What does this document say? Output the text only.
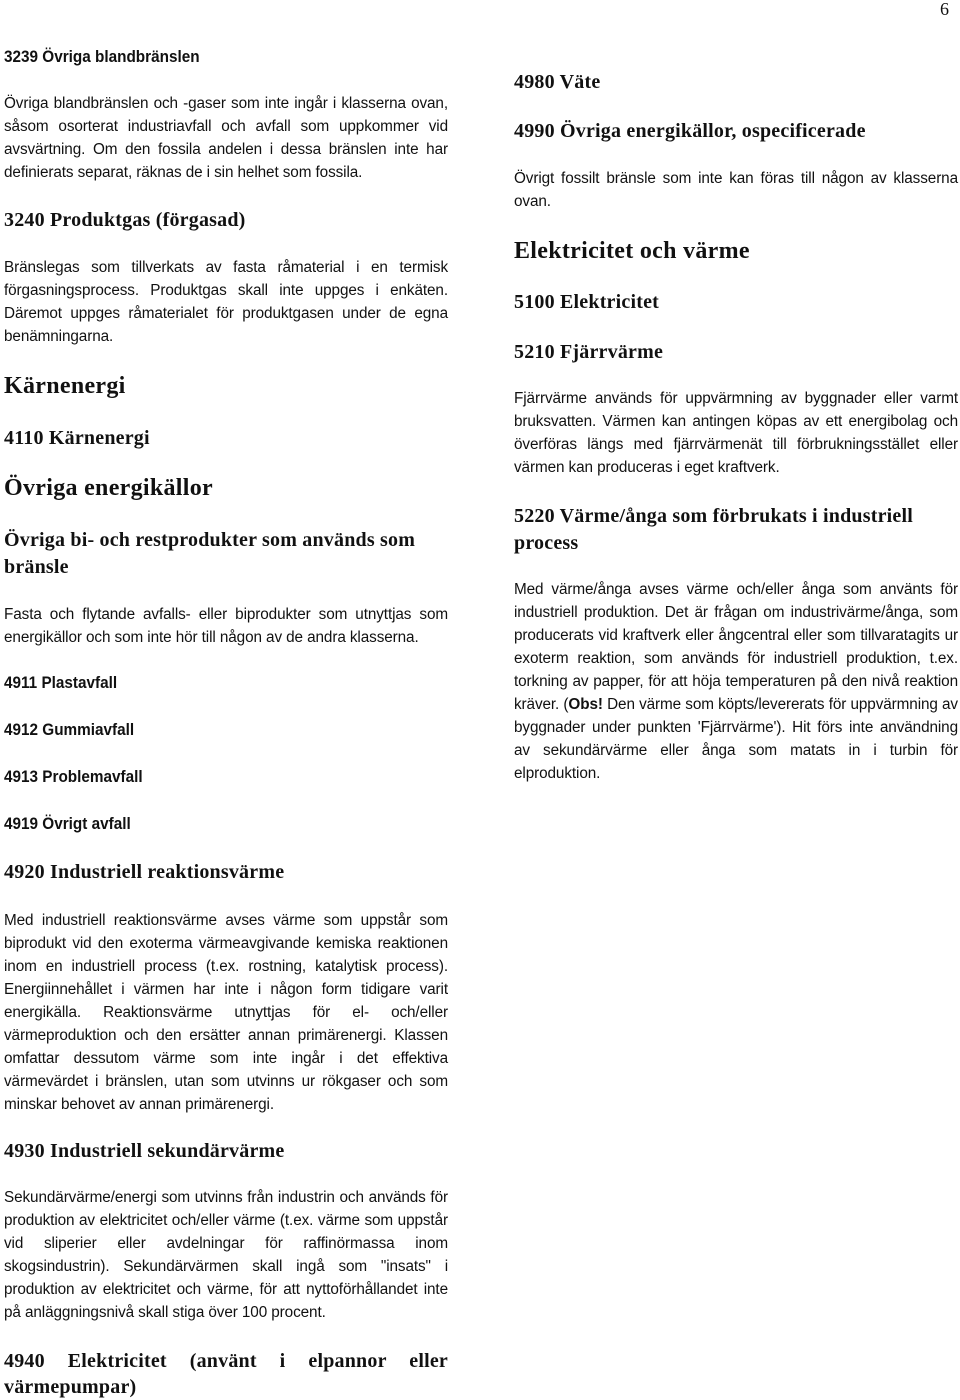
6
3239 Övriga blandbränslen
Övriga blandbränslen och -gaser som inte ingår i klasserna ovan, såsom osorterat industriavfall och avfall som uppkommer vid avsvärtning. Om den fossila andelen i dessa bränslen inte har definierats separat, räknas de i sin helhet som fossila.
3240 Produktgas (förgasad)
Bränslegas som tillverkats av fasta råmaterial i en termisk förgasningsprocess. Produktgas skall inte uppges i enkäten. Däremot uppges råmaterialet för produktgasen under de egna benämningarna.
Kärnenergi
4110 Kärnenergi
Övriga energikällor
Övriga bi- och restprodukter som används som bränsle
Fasta och flytande avfalls- eller biprodukter som utnyttjas som energikällor och som inte hör till någon av de andra klasserna.
4911 Plastavfall
4912 Gummiavfall
4913 Problemavfall
4919 Övrigt avfall
4920 Industriell reaktionsvärme
Med industriell reaktionsvärme avses värme som uppstår som biprodukt vid den exoterma värmeavgivande kemiska reaktionen inom en industriell process (t.ex. rostning, katalytisk process). Energiinnehållet i värmen har inte i någon form tidigare varit energikälla. Reaktionsvärme utnyttjas för el- och/eller värmeproduktion och den ersätter annan primärenergi. Klassen omfattar dessutom värme som inte ingår i det effektiva värmevärdet i bränslen, utan som utvinns ur rökgaser och som minskar behovet av annan primärenergi.
4930 Industriell sekundärvärme
Sekundärvärme/energi som utvinns från industrin och används för produktion av elektricitet och/eller värme (t.ex. värme som uppstår vid sliperier eller avdelningar för raffinörmassa inom skogsindustrin). Sekundärvärmen skall ingå som "insats" i produktion av elektricitet och värme, för att nyttoförhållandet inte på anläggningsnivå skall stiga över 100 procent.
4940 Elektricitet (använt i elpannor eller
värmepumpar)
4980 Väte
4990 Övriga energikällor, ospecificerade
Övrigt fossilt bränsle som inte kan föras till någon av klasserna ovan.
Elektricitet och värme
5100 Elektricitet
5210 Fjärrvärme
Fjärrvärme används för uppvärmning av byggnader eller varmt bruksvatten. Värmen kan antingen köpas av ett energibolag och överföras längs med fjärrvärmenät till förbrukningsstället eller värmen kan produceras i eget kraftverk.
5220 Värme/ånga som förbrukats i industriell process
Med värme/ånga avses värme och/eller ånga som använts för industriell produktion. Det är frågan om industrivärme/ånga, som producerats vid kraftverk eller ångcentral eller som tillvaratagits ur exoterm reaktion, som används för industriell produktion, t.ex. torkning av papper, för att höja temperaturen på den nivå reaktion kräver. (Obs! Den värme som köpts/levererats för uppvärmning av byggnader under punkten 'Fjärrvärme'). Hit förs inte användning av sekundärvärme eller ånga som matats in i turbin för elproduktion.
